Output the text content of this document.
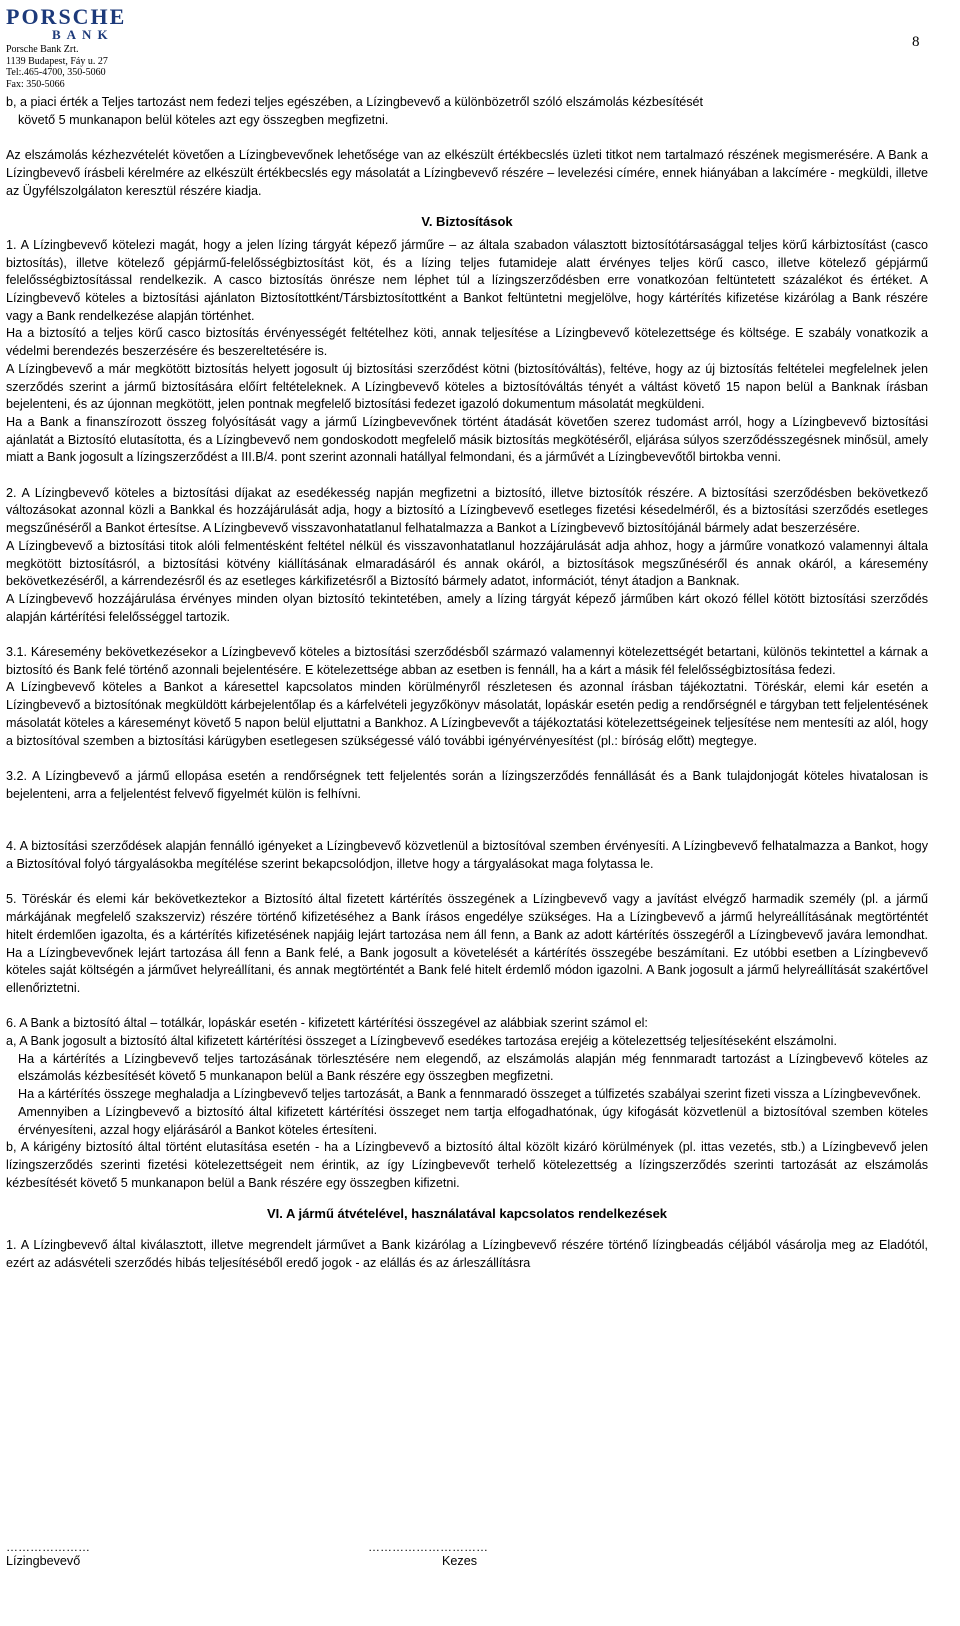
PORSCHE
BANK
Porsche Bank Zrt.
1139 Budapest, Fáy u. 27
Tel:.465-4700, 350-5060
Fax: 350-5066
8

b, a piaci érték a Teljes tartozást nem fedezi teljes egészében, a Lízingbevevő a különbözetről szóló elszámolás kézbesítését

követő 5 munkanapon belül köteles azt egy összegben megfizetni.

Az elszámolás kézhezvételét követően a Lízingbevevőnek lehetősége van az elkészült értékbecslés üzleti titkot nem tartalmazó részének megismerésére. A Bank a Lízingbevevő írásbeli kérelmére az elkészült értékbecslés egy másolatát a Lízingbevevő részére – levelezési címére, ennek hiányában a lakcímére - megküldi, illetve az Ügyfélszolgálaton keresztül részére kiadja.

V. Biztosítások

1. A Lízingbevevő kötelezi magát, hogy a jelen lízing tárgyát képező járműre – az általa szabadon választott biztosítótársasággal teljes körű kárbiztosítást (casco biztosítás), illetve kötelező gépjármű-felelősségbiztosítást köt, és a lízing teljes futamideje alatt érvényes teljes körű casco, illetve kötelező gépjármű felelősségbiztosítással rendelkezik. A casco biztosítás önrésze nem léphet túl a lízingszerződésben erre vonatkozóan feltüntetett százalékot és értéket. A Lízingbevevő köteles a biztosítási ajánlaton Biztosítottként/Társbiztosítottként a Bankot feltüntetni megjelölve, hogy kártérítés kifizetése kizárólag a Bank részére vagy a Bank rendelkezése alapján történhet.

Ha a biztosító a teljes körű casco biztosítás érvényességét feltételhez köti, annak teljesítése a Lízingbevevő kötelezettsége és költsége. E szabály vonatkozik a védelmi berendezés beszerzésére és beszereltetésére is.

A Lízingbevevő a már megkötött biztosítás helyett jogosult új biztosítási szerződést kötni (biztosítóváltás), feltéve, hogy az új biztosítás feltételei megfelelnek jelen szerződés szerint a jármű biztosítására előírt feltételeknek. A Lízingbevevő köteles a biztosítóváltás tényét a váltást követő 15 napon belül a Banknak írásban bejelenteni, és az újonnan megkötött, jelen pontnak megfelelő biztosítási fedezet igazoló dokumentum másolatát megküldeni.

Ha a Bank a finanszírozott összeg folyósítását vagy a jármű Lízingbevevőnek történt átadását követően szerez tudomást arról, hogy a Lízingbevevő biztosítási ajánlatát a Biztosító elutasította, és a Lízingbevevő nem gondoskodott megfelelő másik biztosítás megkötéséről, eljárása súlyos szerződésszegésnek minősül, amely miatt a Bank jogosult a lízingszerződést a III.B/4. pont szerint azonnali hatállyal felmondani, és a járművét a Lízingbevevőtől birtokba venni.

2. A Lízingbevevő köteles a biztosítási díjakat az esedékesség napján megfizetni a biztosító, illetve biztosítók részére. A biztosítási szerződésben bekövetkező változásokat azonnal közli a Bankkal és hozzájárulását adja, hogy a biztosító a Lízingbevevő esetleges fizetési késedelméről, és a biztosítási szerződés esetleges megszűnéséről a Bankot értesítse. A Lízingbevevő visszavonhatatlanul felhatalmazza a Bankot a Lízingbevevő biztosítójánál bármely adat beszerzésére.

A Lízingbevevő a biztosítási titok alóli felmentésként feltétel nélkül és visszavonhatatlanul hozzájárulását adja ahhoz, hogy a járműre vonatkozó valamennyi általa megkötött biztosításról, a biztosítási kötvény kiállításának elmaradásáról és annak okáról, a biztosítások megszűnéséről és annak okáról, a káresemény bekövetkezéséről, a kárrendezésről és az esetleges kárkifizetésről a Biztosító bármely adatot, információt, tényt átadjon a Banknak.

A Lízingbevevő hozzájárulása érvényes minden olyan biztosító tekintetében, amely a lízing tárgyát képező járműben kárt okozó féllel kötött biztosítási szerződés alapján kártérítési felelősséggel tartozik.

3.1. Káresemény bekövetkezésekor a Lízingbevevő köteles a biztosítási szerződésből származó valamennyi kötelezettségét betartani, különös tekintettel a kárnak a biztosító és Bank felé történő azonnali bejelentésére. E kötelezettsége abban az esetben is fennáll, ha a kárt a másik fél felelősségbiztosítása fedezi.

A Lízingbevevő köteles a Bankot a káresettel kapcsolatos minden körülményről részletesen és azonnal írásban tájékoztatni. Töréskár, elemi kár esetén a Lízingbevevő a biztosítónak megküldött kárbejelentőlap és a kárfelvételi jegyzőkönyv másolatát, lopáskár esetén pedig a rendőrségnél e tárgyban tett feljelentésének másolatát köteles a káreseményt követő 5 napon belül eljuttatni a Bankhoz. A Lízingbevevőt a tájékoztatási kötelezettségeinek teljesítése nem mentesíti az alól, hogy a biztosítóval szemben a biztosítási kárügyben esetlegesen szükségessé váló további igényérvényesítést (pl.: bíróság előtt) megtegye.

3.2. A Lízingbevevő a jármű ellopása esetén a rendőrségnek tett feljelentés során a lízingszerződés fennállását és a Bank tulajdonjogát köteles hivatalosan is bejelenteni, arra a feljelentést felvevő figyelmét külön is felhívni.

4. A biztosítási szerződések alapján fennálló igényeket a Lízingbevevő közvetlenül a biztosítóval szemben érvényesíti. A Lízingbevevő felhatalmazza a Bankot, hogy a Biztosítóval folyó tárgyalásokba megítélése szerint bekapcsolódjon, illetve hogy a tárgyalásokat maga folytassa le.

5. Töréskár és elemi kár bekövetkeztekor a Biztosító által fizetett kártérítés összegének a Lízingbevevő vagy a javítást elvégző harmadik személy (pl. a jármű márkájának megfelelő szakszerviz) részére történő kifizetéséhez a Bank írásos engedélye szükséges. Ha a Lízingbevevő a jármű helyreállításának megtörténtét hitelt érdemlően igazolta, és a kártérítés kifizetésének napjáig lejárt tartozása nem áll fenn, a Bank az adott kártérítés összegéről a Lízingbevevő javára lemondhat. Ha a Lízingbevevőnek lejárt tartozása áll fenn a Bank felé, a Bank jogosult a követelését a kártérítés összegébe beszámítani. Ez utóbbi esetben a Lízingbevevő köteles saját költségén a járművet helyreállítani, és annak megtörténtét a Bank felé hitelt érdemlő módon igazolni. A Bank jogosult a jármű helyreállítását szakértővel ellenőriztetni.

6. A Bank a biztosító által – totálkár, lopáskár esetén - kifizetett kártérítési összegével az alábbiak szerint számol el:

a, A Bank jogosult a biztosító által kifizetett kártérítési összeget a Lízingbevevő esedékes tartozása erejéig a kötelezettség teljesítéseként elszámolni.

Ha a kártérítés a Lízingbevevő teljes tartozásának törlesztésére nem elegendő, az elszámolás alapján még fennmaradt tartozást a Lízingbevevő köteles az elszámolás kézbesítését követő 5 munkanapon belül a Bank részére egy összegben megfizetni.

Ha a kártérítés összege meghaladja a Lízingbevevő teljes tartozását, a Bank a fennmaradó összeget a túlfizetés szabályai szerint fizeti vissza a Lízingbevevőnek.

Amennyiben a Lízingbevevő a biztosító által kifizetett kártérítési összeget nem tartja elfogadhatónak, úgy kifogását közvetlenül a biztosítóval szemben köteles érvényesíteni, azzal hogy eljárásáról a Bankot köteles értesíteni.

b, A kárigény biztosító által történt elutasítása esetén - ha a Lízingbevevő a biztosító által közölt kizáró körülmények (pl. ittas vezetés, stb.) a Lízingbevevő jelen lízingszerződés szerinti fizetési kötelezettségeit nem érintik, az így Lízingbevevőt terhelő kötelezettség a lízingszerződés szerinti tartozását az elszámolás kézbesítését követő 5 munkanapon belül a Bank részére egy összegben kifizetni.

VI. A jármű átvételével, használatával kapcsolatos rendelkezések

1. A Lízingbevevő által kiválasztott, illetve megrendelt járművet a Bank kizárólag a Lízingbevevő részére történő lízingbeadás céljából vásárolja meg az Eladótól, ezért az adásvételi szerződés hibás teljesítéséből eredő jogok - az elállás és az árleszállításra

…………………
Lízingbevevő
…………………………
Kezes
